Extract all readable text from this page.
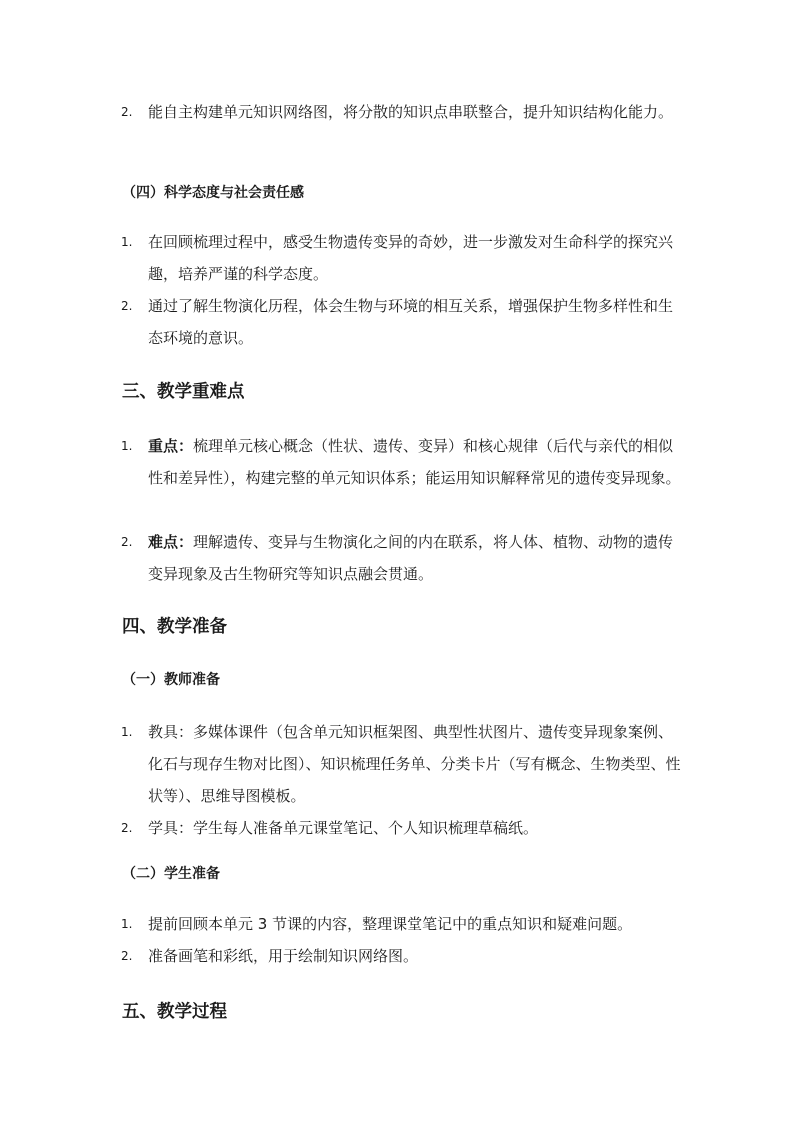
2. 能自主构建单元知识网络图，将分散的知识点串联整合，提升知识结构化能力。
（四）科学态度与社会责任感
1. 在回顾梳理过程中，感受生物遗传变异的奇妙，进一步激发对生命科学的探究兴趣，培养严谨的科学态度。
2. 通过了解生物演化历程，体会生物与环境的相互关系，增强保护生物多样性和生态环境的意识。
三、教学重难点
1. 重点：梳理单元核心概念（性状、遗传、变异）和核心规律（后代与亲代的相似性和差异性），构建完整的单元知识体系；能运用知识解释常见的遗传变异现象。
2. 难点：理解遗传、变异与生物演化之间的内在联系，将人体、植物、动物的遗传变异现象及古生物研究等知识点融会贯通。
四、教学准备
（一）教师准备
1. 教具：多媒体课件（包含单元知识框架图、典型性状图片、遗传变异现象案例、化石与现存生物对比图）、知识梳理任务单、分类卡片（写有概念、生物类型、性状等）、思维导图模板。
2. 学具：学生每人准备单元课堂笔记、个人知识梳理草稿纸。
（二）学生准备
1. 提前回顾本单元 3 节课的内容，整理课堂笔记中的重点知识和疑难问题。
2. 准备画笔和彩纸，用于绘制知识网络图。
五、教学过程
